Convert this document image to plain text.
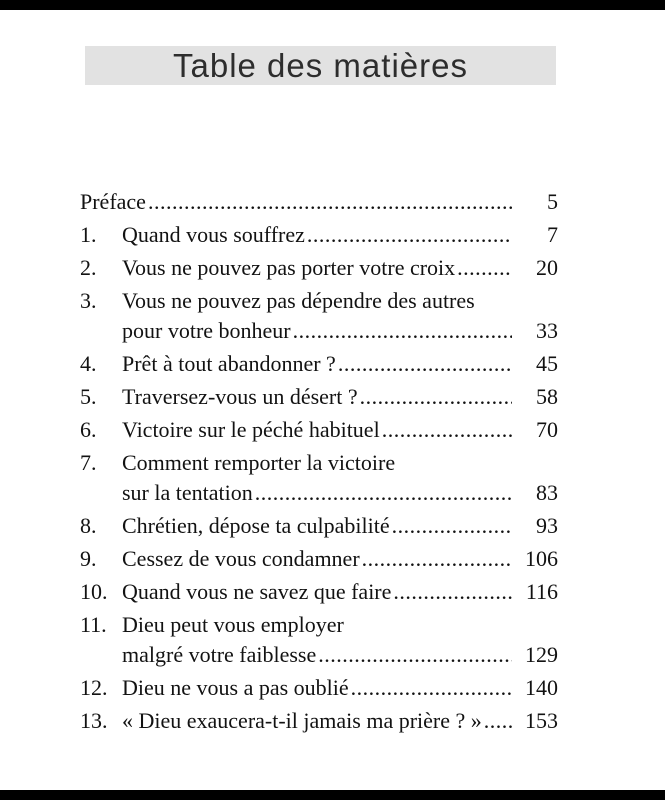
Table des matières
Préface .....	5
1.	Quand vous souffrez .....	7
2.	Vous ne pouvez pas porter votre croix .....	20
3.	Vous ne pouvez pas dépendre des autres
pour votre bonheur .....	33
4.	Prêt à tout abandonner ? .....	45
5.	Traversez-vous un désert ? .....	58
6.	Victoire sur le péché habituel .....	70
7.	Comment remporter la victoire
sur la tentation .....	83
8.	Chrétien, dépose ta culpabilité .....	93
9.	Cessez de vous condamner .....	106
10. Quand vous ne savez que faire .....	116
11. Dieu peut vous employer
malgré votre faiblesse .....	129
12. Dieu ne vous a pas oublié .....	140
13. « Dieu exaucera-t-il jamais ma prière ? » .....	153
